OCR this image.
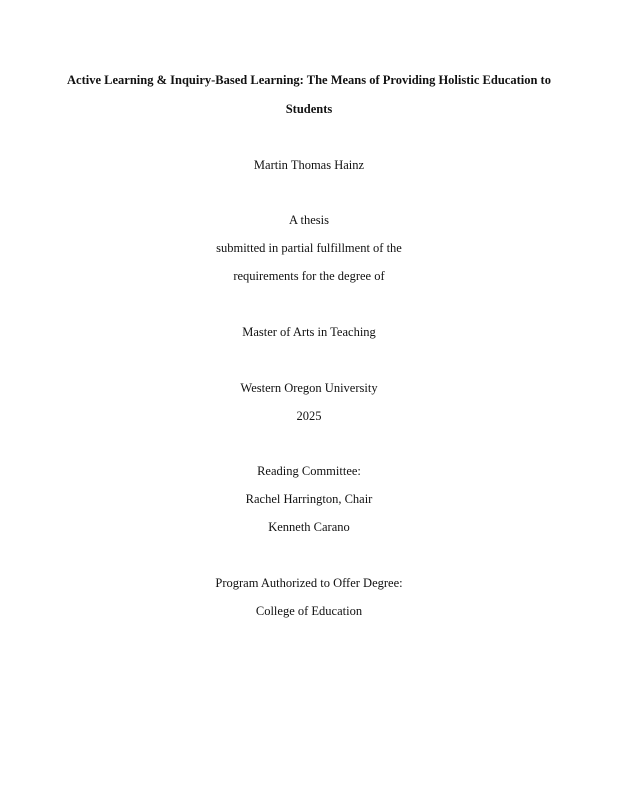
Active Learning & Inquiry-Based Learning: The Means of Providing Holistic Education to
Students
Martin Thomas Hainz
A thesis
submitted in partial fulfillment of the
requirements for the degree of
Master of Arts in Teaching
Western Oregon University
2025
Reading Committee:
Rachel Harrington, Chair
Kenneth Carano
Program Authorized to Offer Degree:
College of Education
